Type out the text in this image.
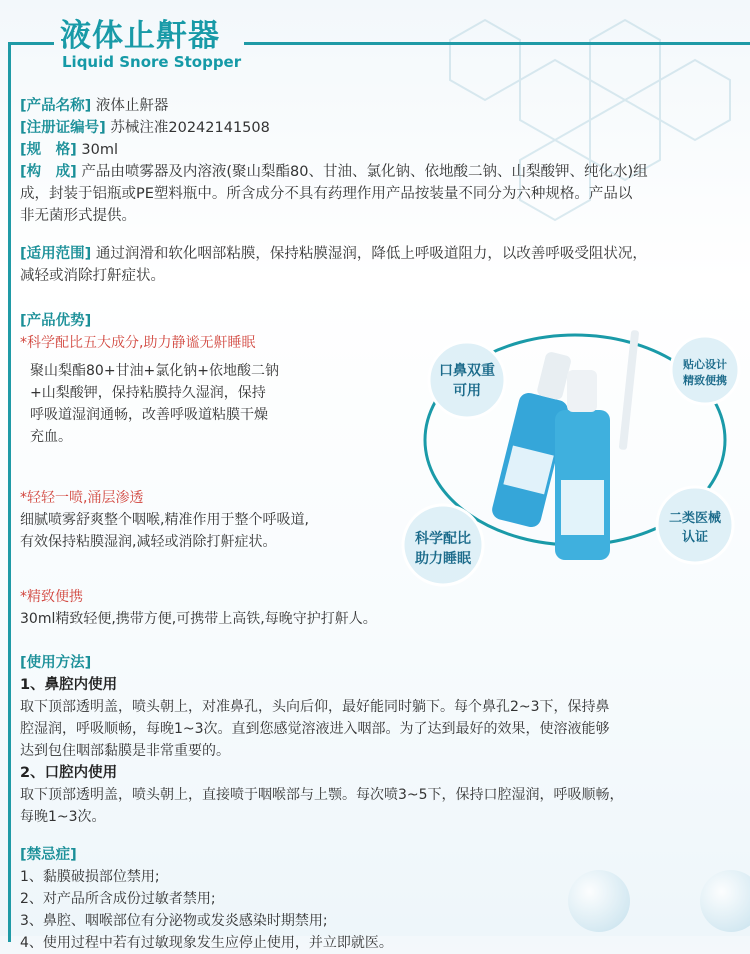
液体止鼾器
Liquid Snore Stopper
[产品名称] 液体止鼾器
[注册证编号] 苏械注准20242141508
[规　格] 30ml
[构　成] 产品由喷雾器及内溶液(聚山梨酯80、甘油、氯化钠、依地酸二钠、山梨酸钾、纯化水)组
成，封装于铝瓶或PE塑料瓶中。所含成分不具有药理作用产品按装量不同分为六种规格。产品以
非无菌形式提供。
[适用范围] 通过润滑和软化咽部粘膜，保持粘膜湿润，降低上呼吸道阻力，以改善呼吸受阻状况，
减轻或消除打鼾症状。
[产品优势]
*科学配比五大成分,助力静谧无鼾睡眠
聚山梨酯80+甘油+氯化钠+依地酸二钠
+山梨酸钾，保持粘膜持久湿润，保持
呼吸道湿润通畅，改善呼吸道粘膜干燥
充血。
*轻轻一喷,涌层渗透
细腻喷雾舒爽整个咽喉,精准作用于整个呼吸道,
有效保持粘膜湿润,减轻或消除打鼾症状。
*精致便携
30ml精致轻便,携带方便,可携带上高铁,每晚守护打鼾人。
口鼻双重
可用
贴心设计
精致便携
科学配比
助力睡眠
二类医械
认证
[使用方法]
1、鼻腔内使用
取下顶部透明盖，喷头朝上，对准鼻孔，头向后仰，最好能同时躺下。每个鼻孔2~3下，保持鼻
腔湿润，呼吸顺畅，每晚1~3次。直到您感觉溶液进入咽部。为了达到最好的效果，使溶液能够
达到包住咽部黏膜是非常重要的。
2、口腔内使用
取下顶部透明盖，喷头朝上，直接喷于咽喉部与上颚。每次喷3~5下，保持口腔湿润，呼吸顺畅，
每晚1~3次。
[禁忌症]
1、黏膜破损部位禁用;
2、对产品所含成份过敏者禁用;
3、鼻腔、咽喉部位有分泌物或发炎感染时期禁用;
4、使用过程中若有过敏现象发生应停止使用，并立即就医。
